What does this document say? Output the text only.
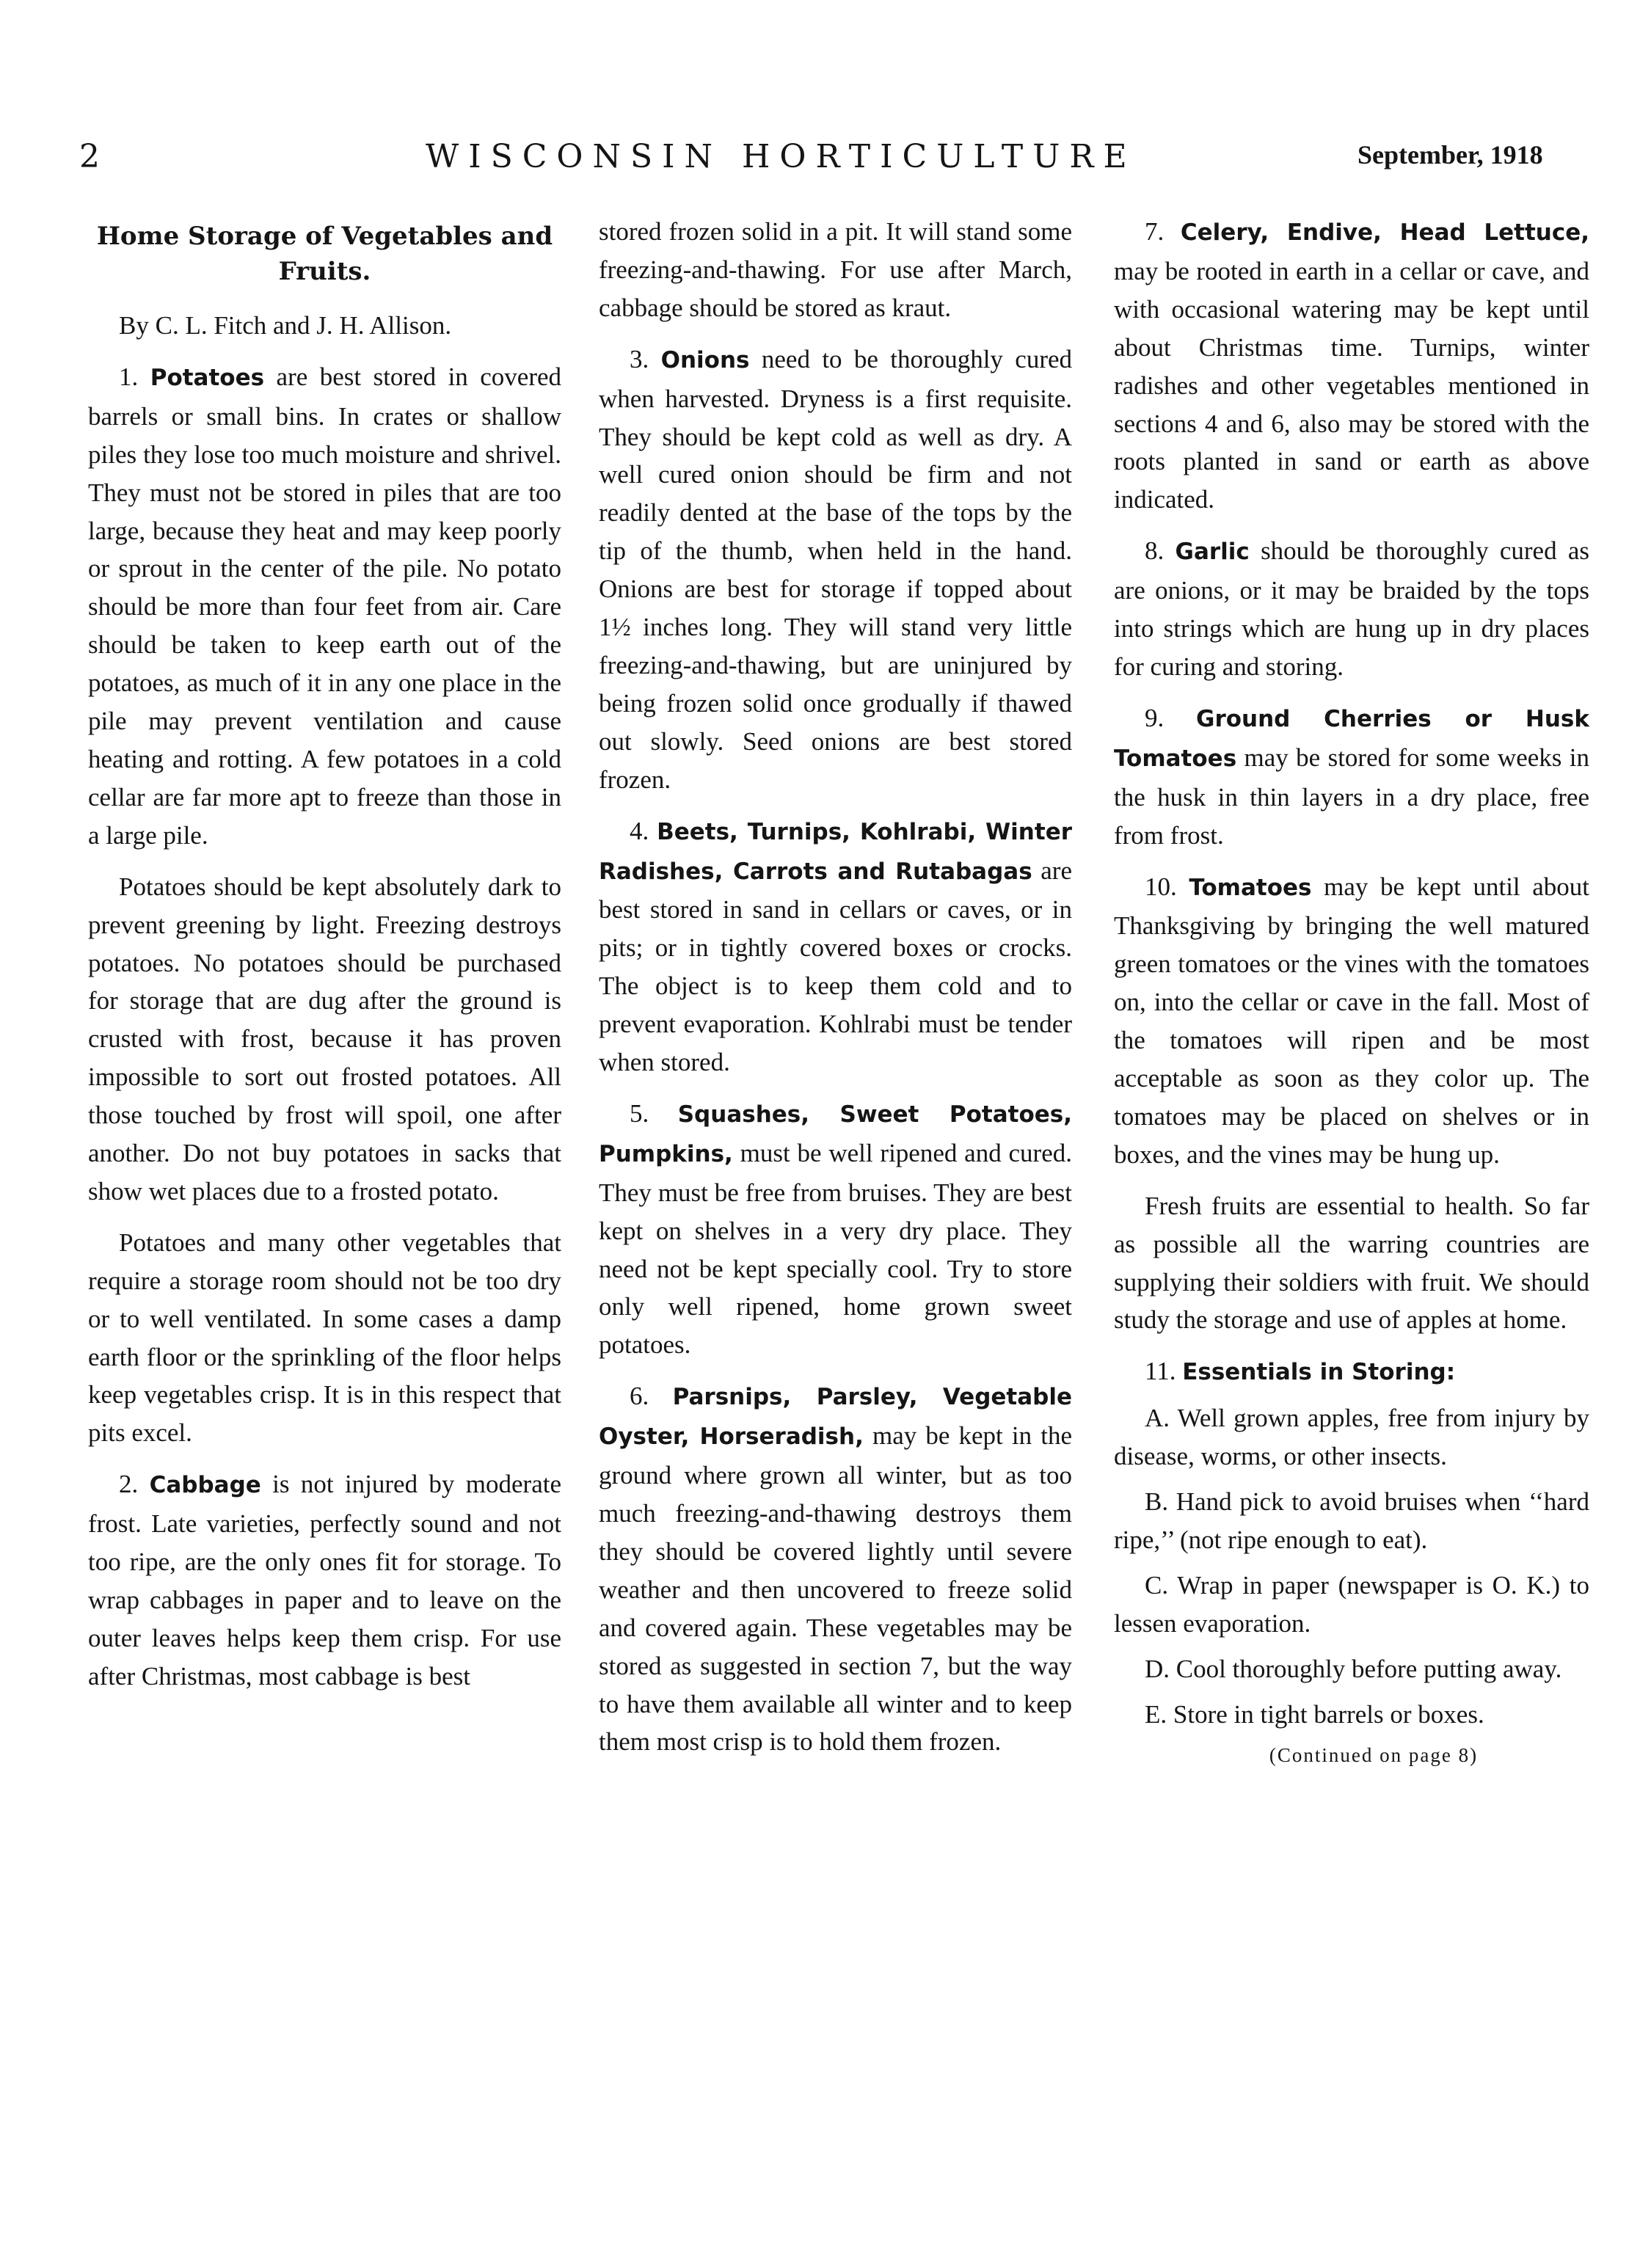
2	WISCONSIN HORTICULTURE	September, 1918
Home Storage of Vegetables and Fruits.

By C. L. Fitch and J. H. Allison.

1. Potatoes are best stored in covered barrels or small bins. In crates or shallow piles they lose too much moisture and shrivel. They must not be stored in piles that are too large, because they heat and may keep poorly or sprout in the center of the pile. No potato should be more than four feet from air. Care should be taken to keep earth out of the potatoes, as much of it in any one place in the pile may prevent ventilation and cause heating and rotting. A few potatoes in a cold cellar are far more apt to freeze than those in a large pile.

Potatoes should be kept absolutely dark to prevent greening by light. Freezing destroys potatoes. No potatoes should be purchased for storage that are dug after the ground is crusted with frost, because it has proven impossible to sort out frosted potatoes. All those touched by frost will spoil, one after another. Do not buy potatoes in sacks that show wet places due to a frosted potato.

Potatoes and many other vegetables that require a storage room should not be too dry or to well ventilated. In some cases a damp earth floor or the sprinkling of the floor helps keep vegetables crisp. It is in this respect that pits excel.

2. Cabbage is not injured by moderate frost. Late varieties, perfectly sound and not too ripe, are the only ones fit for storage. To wrap cabbages in paper and to leave on the outer leaves helps keep them crisp. For use after Christmas, most cabbage is best

stored frozen solid in a pit. It will stand some freezing-and-thawing. For use after March, cabbage should be stored as kraut.

3. Onions need to be thoroughly cured when harvested. Dryness is a first requisite. They should be kept cold as well as dry. A well cured onion should be firm and not readily dented at the base of the tops by the tip of the thumb, when held in the hand. Onions are best for storage if topped about 1½ inches long. They will stand very little freezing-and-thawing, but are uninjured by being frozen solid once grodually if thawed out slowly. Seed onions are best stored frozen.

4. Beets, Turnips, Kohlrabi, Winter Radishes, Carrots and Rutabagas are best stored in sand in cellars or caves, or in pits; or in tightly covered boxes or crocks. The object is to keep them cold and to prevent evaporation. Kohlrabi must be tender when stored.

5. Squashes, Sweet Potatoes, Pumpkins, must be well ripened and cured. They must be free from bruises. They are best kept on shelves in a very dry place. They need not be kept specially cool. Try to store only well ripened, home grown sweet potatoes.

6. Parsnips, Parsley, Vegetable Oyster, Horseradish, may be kept in the ground where grown all winter, but as too much freezing-and-thawing destroys them they should be covered lightly until severe weather and then uncovered to freeze solid and covered again. These vegetables may be stored as suggested in section 7, but the way to have them available all winter and to keep them most crisp is to hold them frozen.

7. Celery, Endive, Head Lettuce, may be rooted in earth in a cellar or cave, and with occasional watering may be kept until about Christmas time. Turnips, winter radishes and other vegetables mentioned in sections 4 and 6, also may be stored with the roots planted in sand or earth as above indicated.

8. Garlic should be thoroughly cured as are onions, or it may be braided by the tops into strings which are hung up in dry places for curing and storing.

9. Ground Cherries or Husk Tomatoes may be stored for some weeks in the husk in thin layers in a dry place, free from frost.

10. Tomatoes may be kept until about Thanksgiving by bringing the well matured green tomatoes or the vines with the tomatoes on, into the cellar or cave in the fall. Most of the tomatoes will ripen and be most acceptable as soon as they color up. The tomatoes may be placed on shelves or in boxes, and the vines may be hung up.

Fresh fruits are essential to health. So far as possible all the warring countries are supplying their soldiers with fruit. We should study the storage and use of apples at home.

11. Essentials in Storing:

A. Well grown apples, free from injury by disease, worms, or other insects.

B. Hand pick to avoid bruises when ‘‘hard ripe,’’ (not ripe enough to eat).

C. Wrap in paper (newspaper is O. K.) to lessen evaporation.

D. Cool thoroughly before putting away.

E. Store in tight barrels or boxes.

(Continued on page 8)
